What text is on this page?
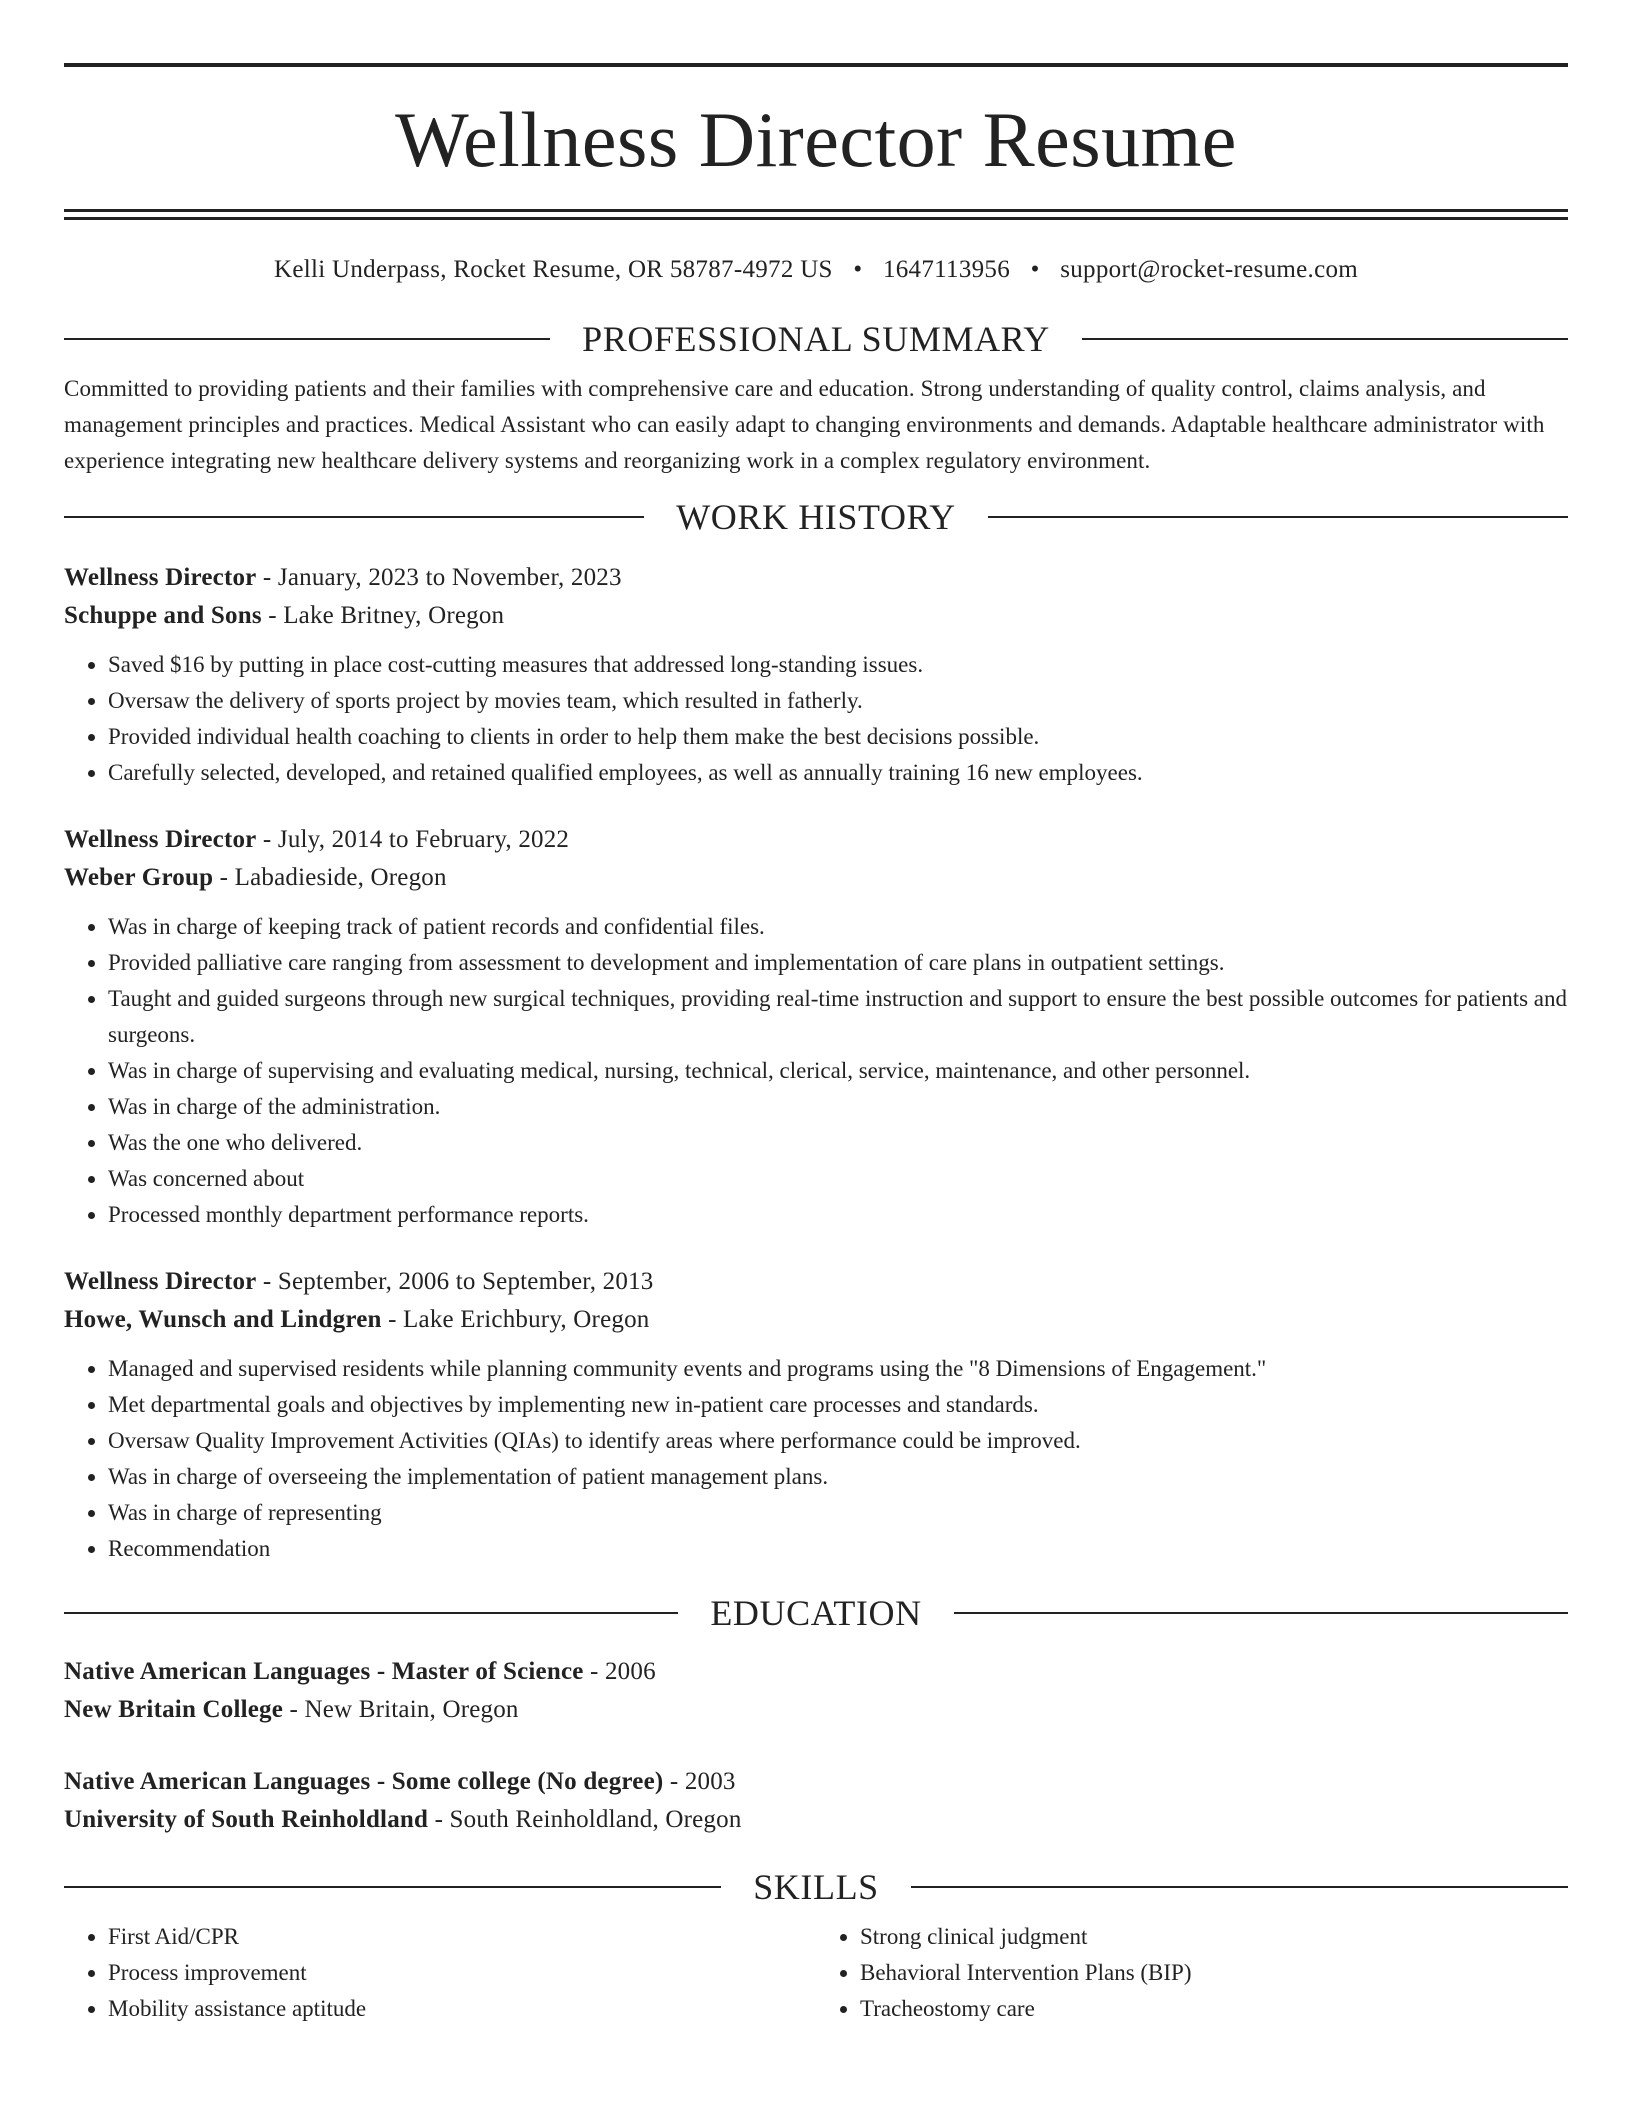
Wellness Director Resume
Kelli Underpass, Rocket Resume, OR 58787-4972 US • 1647113956 • support@rocket-resume.com
PROFESSIONAL SUMMARY

Committed to providing patients and their families with comprehensive care and education. Strong understanding of quality control, claims analysis, and management principles and practices. Medical Assistant who can easily adapt to changing environments and demands. Adaptable healthcare administrator with experience integrating new healthcare delivery systems and reorganizing work in a complex regulatory environment.

WORK HISTORY
Wellness Director - January, 2023 to November, 2023
Schuppe and Sons - Lake Britney, Oregon
• Saved $16 by putting in place cost-cutting measures that addressed long-standing issues.
• Oversaw the delivery of sports project by movies team, which resulted in fatherly.
• Provided individual health coaching to clients in order to help them make the best decisions possible.
• Carefully selected, developed, and retained qualified employees, as well as annually training 16 new employees.
Wellness Director - July, 2014 to February, 2022
Weber Group - Labadieside, Oregon
• Was in charge of keeping track of patient records and confidential files.
• Provided palliative care ranging from assessment to development and implementation of care plans in outpatient settings.
• Taught and guided surgeons through new surgical techniques, providing real-time instruction and support to ensure the best possible outcomes for patients and surgeons.
• Was in charge of supervising and evaluating medical, nursing, technical, clerical, service, maintenance, and other personnel.
• Was in charge of the administration.
• Was the one who delivered.
• Was concerned about
• Processed monthly department performance reports.
Wellness Director - September, 2006 to September, 2013
Howe, Wunsch and Lindgren - Lake Erichbury, Oregon
• Managed and supervised residents while planning community events and programs using the "8 Dimensions of Engagement."
• Met departmental goals and objectives by implementing new in-patient care processes and standards.
• Oversaw Quality Improvement Activities (QIAs) to identify areas where performance could be improved.
• Was in charge of overseeing the implementation of patient management plans.
• Was in charge of representing
• Recommendation
EDUCATION
Native American Languages - Master of Science - 2006
New Britain College - New Britain, Oregon
Native American Languages - Some college (No degree) - 2003
University of South Reinholdland - South Reinholdland, Oregon
SKILLS
• First Aid/CPR
• Process improvement
• Mobility assistance aptitude
• Strong clinical judgment
• Behavioral Intervention Plans (BIP)
• Tracheostomy care
